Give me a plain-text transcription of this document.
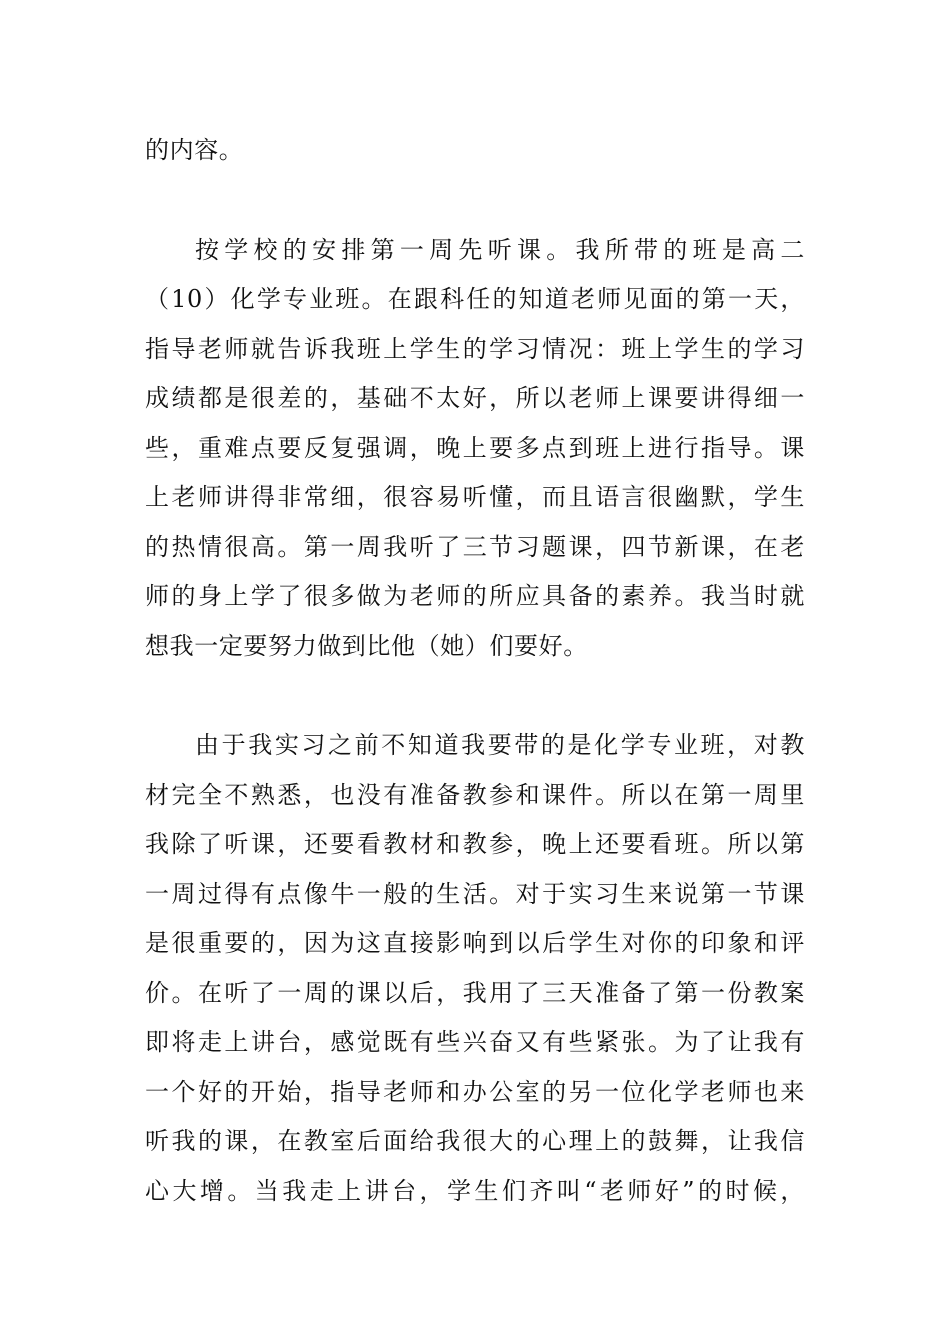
的内容。
按学校的安排第一周先听课。我所带的班是高二
（10）化学专业班。在跟科任的知道老师见面的第一天，
指导老师就告诉我班上学生的学习情况：班上学生的学习
成绩都是很差的，基础不太好，所以老师上课要讲得细一
些，重难点要反复强调，晚上要多点到班上进行指导。课
上老师讲得非常细，很容易听懂，而且语言很幽默，学生
的热情很高。第一周我听了三节习题课，四节新课，在老
师的身上学了很多做为老师的所应具备的素养。我当时就
想我一定要努力做到比他（她）们要好。
由于我实习之前不知道我要带的是化学专业班，对教
材完全不熟悉，也没有准备教参和课件。所以在第一周里
我除了听课，还要看教材和教参，晚上还要看班。所以第
一周过得有点像牛一般的生活。对于实习生来说第一节课
是很重要的，因为这直接影响到以后学生对你的印象和评
价。在听了一周的课以后，我用了三天准备了第一份教案
即将走上讲台，感觉既有些兴奋又有些紧张。为了让我有
一个好的开始，指导老师和办公室的另一位化学老师也来
听我的课，在教室后面给我很大的心理上的鼓舞，让我信
心大增。当我走上讲台，学生们齐叫“老师好”的时候，
